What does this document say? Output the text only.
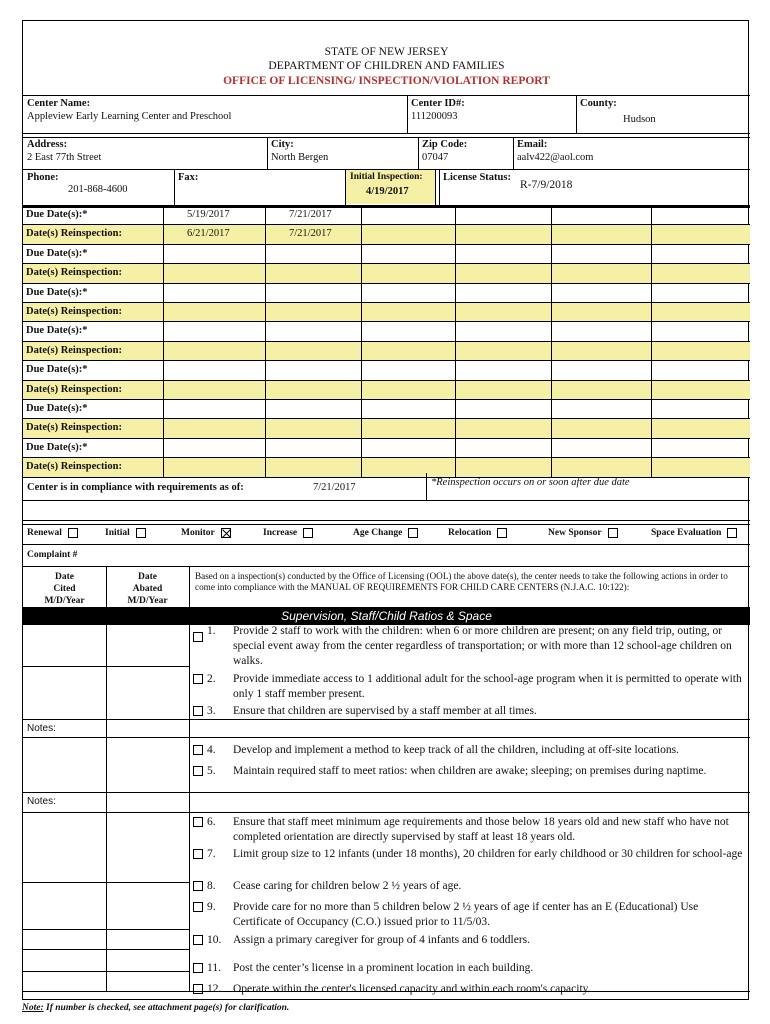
STATE OF NEW JERSEY
DEPARTMENT OF CHILDREN AND FAMILIES
OFFICE OF LICENSING/ INSPECTION/VIOLATION REPORT
Center Name:
Appleview Early Learning Center and Preschool
Center ID#:
111200093
County:
Hudson
Address:
2 East 77th Street
City:
North Bergen
Zip Code:
07047
Email:
aalv422@aol.com
Phone:
201-868-4600
Fax:	Initial Inspection:
4/19/2017
License Status:
R-7/9/2018
Due Date(s):*	5/19/2017	7/21/2017
Date(s) Reinspection:	6/21/2017	7/21/2017
Due Date(s):*
Date(s) Reinspection:
Due Date(s):*
Date(s) Reinspection:
Due Date(s):*
Date(s) Reinspection:
Due Date(s):*
Date(s) Reinspection:
Due Date(s):*
Date(s) Reinspection:
Due Date(s):*
Date(s) Reinspection:
Center is in compliance with requirements as of:	7/21/2017	*Reinspection occurs on or soon after due date
Renewal	Initial	Monitor	Increase	Age Change	Relocation	New Sponsor	Space Evaluation
Complaint #
Date
Cited
M/D/Year
Date
Abated
M/D/Year
Based on a inspection(s) conducted by the Office of Licensing (OOL) the above date(s), the center needs to take the following actions in order to come into compliance with the MANUAL OF REQUIREMENTS FOR CHILD CARE CENTERS (N.J.A.C. 10:122):
Supervision, Staff/Child Ratios & Space
Notes:
Notes:
1. Provide 2 staff to work with the children: when 6 or more children are present; on any field trip, outing, or special event away from the center regardless of transportation; or with more than 12 school-age children on walks.
2. Provide immediate access to 1 additional adult for the school-age program when it is permitted to operate with only 1 staff member present.
3. Ensure that children are supervised by a staff member at all times.
4. Develop and implement a method to keep track of all the children, including at off-site locations.
5. Maintain required staff to meet ratios: when children are awake; sleeping; on premises during naptime.
6. Ensure that staff meet minimum age requirements and those below 18 years old and new staff who have not completed orientation are directly supervised by staff at least 18 years old.
7. Limit group size to 12 infants (under 18 months), 20 children for early childhood or 30 children for school-age
8. Cease caring for children below 2 ½ years of age.
9. Provide care for no more than 5 children below 2 ½ years of age if center has an E (Educational) Use Certificate of Occupancy (C.O.) issued prior to 11/5/03.
10. Assign a primary caregiver for group of 4 infants and 6 toddlers.
11. Post the center’s license in a prominent location in each building.
12. Operate within the center's licensed capacity and within each room's capacity.
Note: If number is checked, see attachment page(s) for clarification.
